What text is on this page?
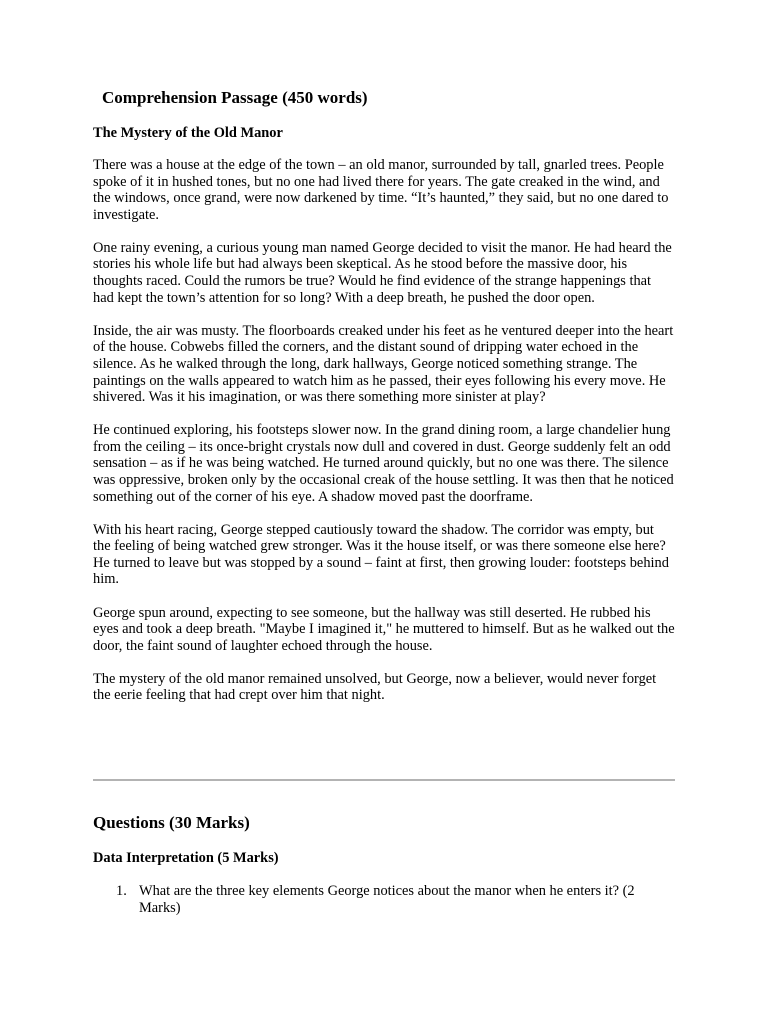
Comprehension Passage (450 words)
The Mystery of the Old Manor

There was a house at the edge of the town – an old manor, surrounded by tall, gnarled trees. People spoke of it in hushed tones, but no one had lived there for years. The gate creaked in the wind, and the windows, once grand, were now darkened by time. “It’s haunted,” they said, but no one dared to investigate.

One rainy evening, a curious young man named George decided to visit the manor. He had heard the stories his whole life but had always been skeptical. As he stood before the massive door, his thoughts raced. Could the rumors be true? Would he find evidence of the strange happenings that had kept the town’s attention for so long? With a deep breath, he pushed the door open.

Inside, the air was musty. The floorboards creaked under his feet as he ventured deeper into the heart of the house. Cobwebs filled the corners, and the distant sound of dripping water echoed in the silence. As he walked through the long, dark hallways, George noticed something strange. The paintings on the walls appeared to watch him as he passed, their eyes following his every move. He shivered. Was it his imagination, or was there something more sinister at play?

He continued exploring, his footsteps slower now. In the grand dining room, a large chandelier hung from the ceiling – its once-bright crystals now dull and covered in dust. George suddenly felt an odd sensation – as if he was being watched. He turned around quickly, but no one was there. The silence was oppressive, broken only by the occasional creak of the house settling. It was then that he noticed something out of the corner of his eye. A shadow moved past the doorframe.

With his heart racing, George stepped cautiously toward the shadow. The corridor was empty, but the feeling of being watched grew stronger. Was it the house itself, or was there someone else here? He turned to leave but was stopped by a sound – faint at first, then growing louder: footsteps behind him.

George spun around, expecting to see someone, but the hallway was still deserted. He rubbed his eyes and took a deep breath. "Maybe I imagined it," he muttered to himself. But as he walked out the door, the faint sound of laughter echoed through the house.

The mystery of the old manor remained unsolved, but George, now a believer, would never forget the eerie feeling that had crept over him that night.

Questions (30 Marks)
Data Interpretation (5 Marks)
1. What are the three key elements George notices about the manor when he enters it? (2 Marks)
